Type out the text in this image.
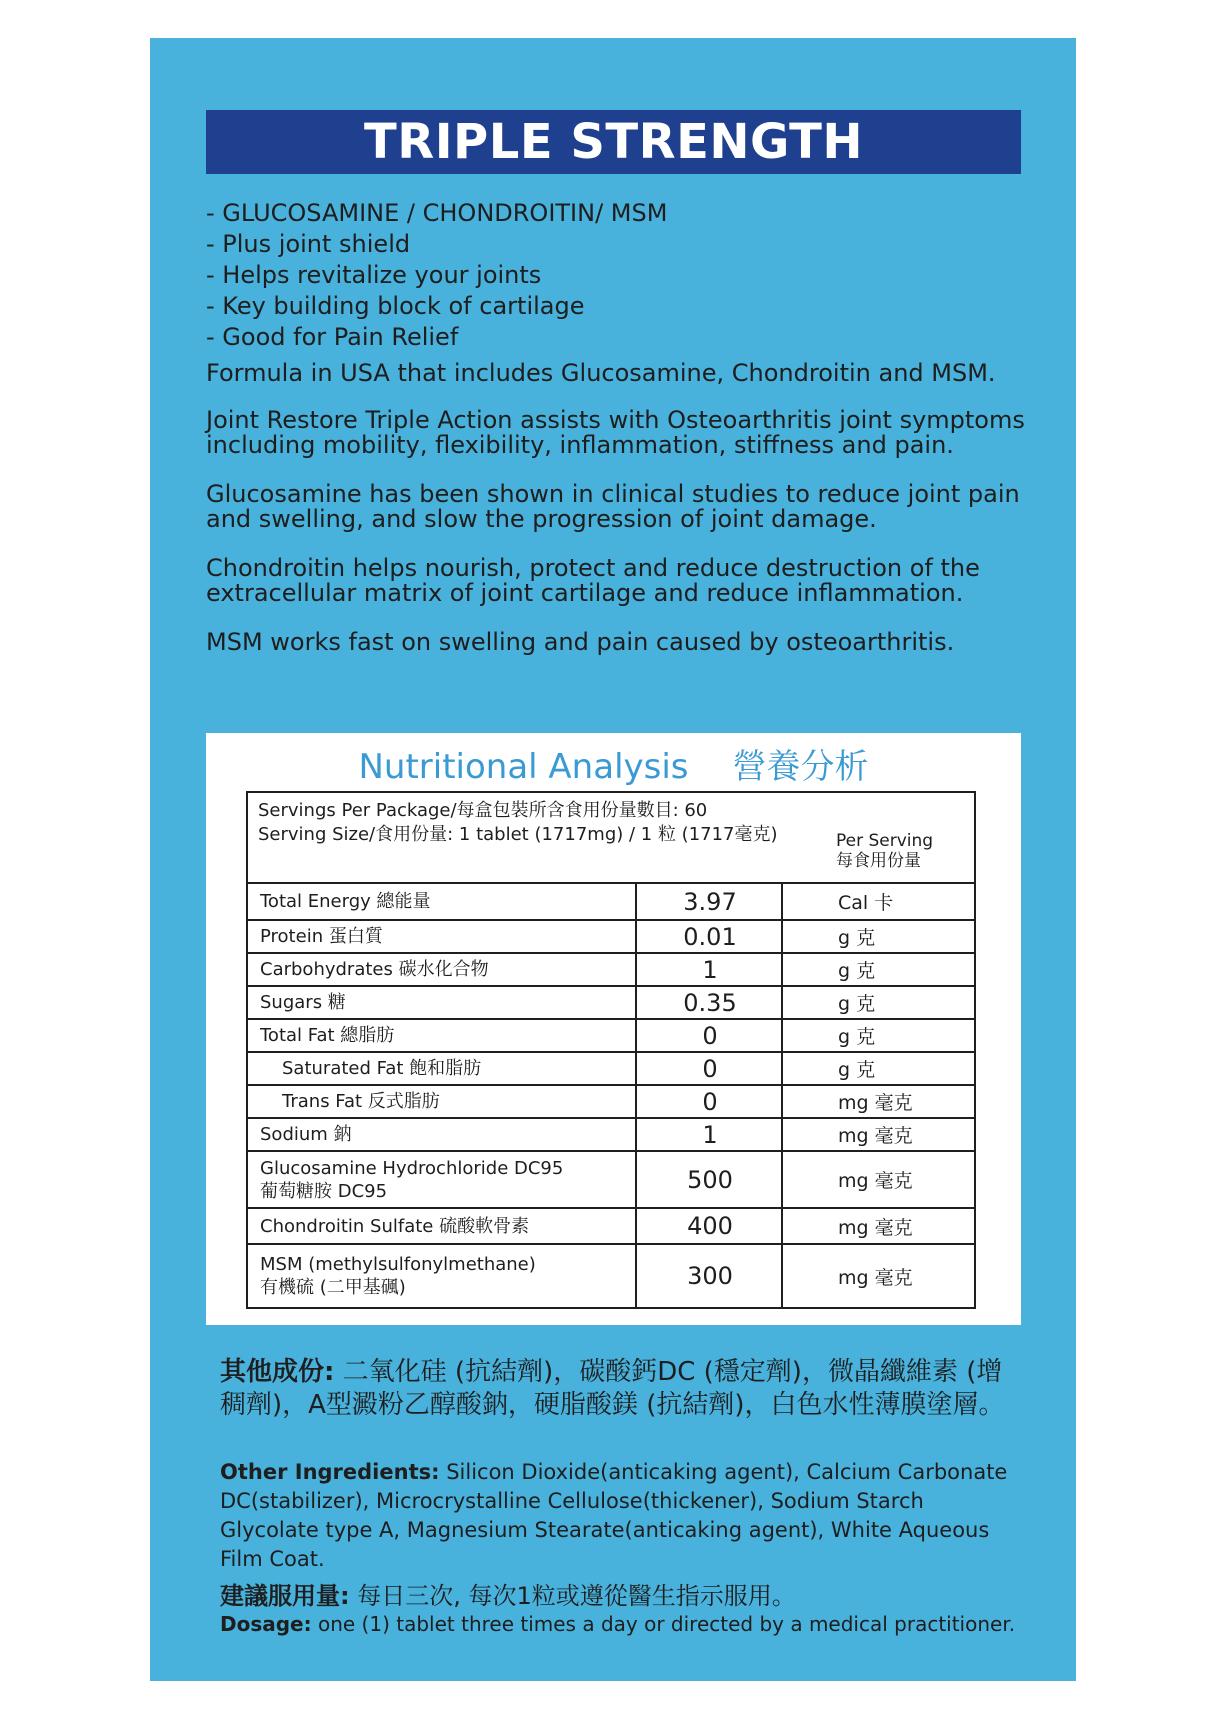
TRIPLE STRENGTH
- GLUCOSAMINE / CHONDROITIN/ MSM
- Plus joint shield
- Helps revitalize your joints
- Key building block of cartilage
- Good for Pain Relief

Formula in USA that includes Glucosamine, Chondroitin and MSM.

Joint Restore Triple Action assists with Osteoarthritis joint symptoms including mobility, flexibility, inflammation, stiffness and pain.

Glucosamine has been shown in clinical studies to reduce joint pain and swelling, and slow the progression of joint damage.

Chondroitin helps nourish, protect and reduce destruction of the extracellular matrix of joint cartilage and reduce inflammation.

MSM works fast on swelling and pain caused by osteoarthritis.

Nutritional Analysis 營養分析
Servings Per Package/每盒包裝所含食用份量數目: 60
Serving Size/食用份量: 1 tablet (1717mg) / 1 粒 (1717毫克)	Per Serving
每食用份量
Total Energy 總能量	3.97	Cal 卡
Protein 蛋白質	0.01	g 克
Carbohydrates 碳水化合物	1	g 克
Sugars 糖	0.35	g 克
Total Fat 總脂肪	0	g 克
Saturated Fat 飽和脂肪	0	g 克
Trans Fat 反式脂肪	0	mg 毫克
Sodium 鈉	1	mg 毫克
Glucosamine Hydrochloride DC95
葡萄糖胺 DC95	500	mg 毫克
Chondroitin Sulfate 硫酸軟骨素	400	mg 毫克
MSM (methylsulfonylmethane)
有機硫 (二甲基碸)	300	mg 毫克
其他成份: 二氧化硅 (抗結劑)，碳酸鈣DC (穩定劑)，微晶纖維素 (增稠劑)，A型澱粉乙醇酸鈉，硬脂酸鎂 (抗結劑)，白色水性薄膜塗層。
Other Ingredients: Silicon Dioxide(anticaking agent), Calcium Carbonate DC(stabilizer), Microcrystalline Cellulose(thickener), Sodium Starch Glycolate type A, Magnesium Stearate(anticaking agent), White Aqueous Film Coat.
建議服用量: 每日三次, 每次1粒或遵從醫生指示服用。
Dosage: one (1) tablet three times a day or directed by a medical practitioner.
